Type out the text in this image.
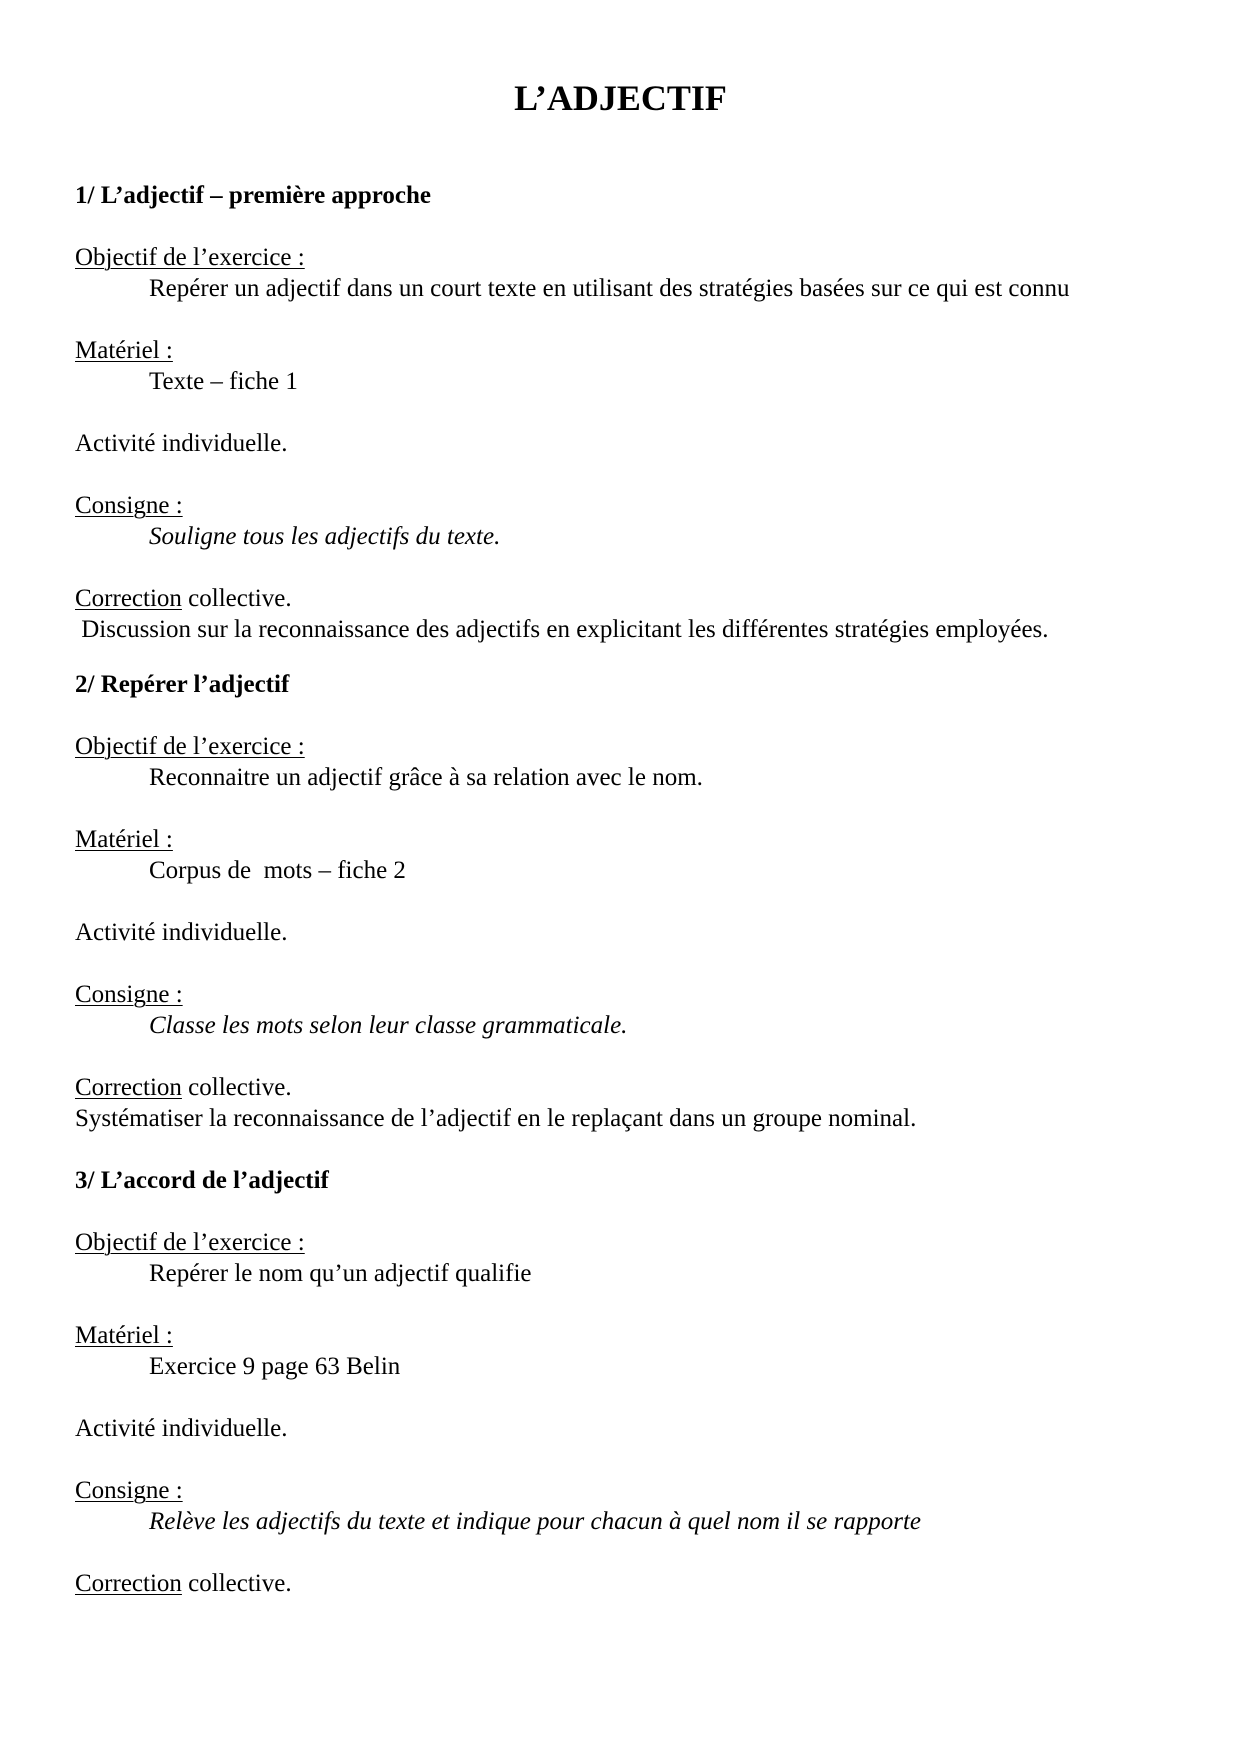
L’ADJECTIF
1/ L’adjectif – première approche
Objectif de l’exercice :
Repérer un adjectif dans un court texte en utilisant des stratégies basées sur ce qui est connu
Matériel :
Texte – fiche 1
Activité individuelle.
Consigne :
Souligne tous les adjectifs du texte.
Correction collective.
Discussion sur la reconnaissance des adjectifs en explicitant les différentes stratégies employées.
2/ Repérer l’adjectif
Objectif de l’exercice :
Reconnaitre un adjectif grâce à sa relation avec le nom.
Matériel :
Corpus de  mots – fiche 2
Activité individuelle.
Consigne :
Classe les mots selon leur classe grammaticale.
Correction collective.
Systématiser la reconnaissance de l’adjectif en le replaçant dans un groupe nominal.
3/ L’accord de l’adjectif
Objectif de l’exercice :
Repérer le nom qu’un adjectif qualifie
Matériel :
Exercice 9 page 63 Belin
Activité individuelle.
Consigne :
Relève les adjectifs du texte et indique pour chacun à quel nom il se rapporte
Correction collective.
